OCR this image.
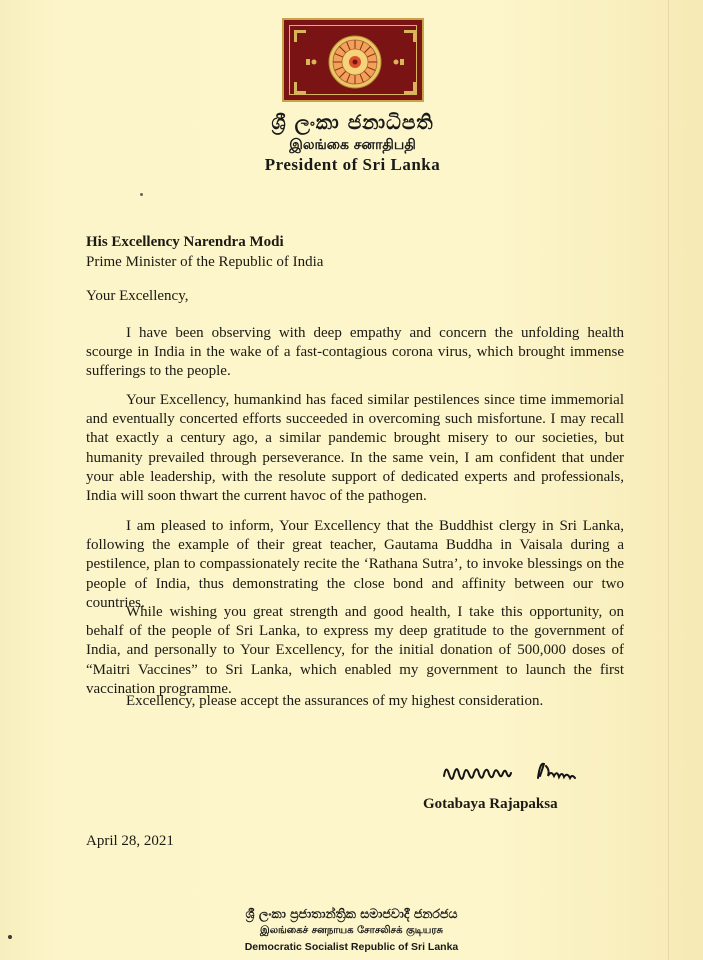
ශ්‍රී ලංකා ජනාධිපති
இலங்கை சனாதிபதி
President of Sri Lanka
His Excellency Narendra Modi
Prime Minister of the Republic of India
Your Excellency,
I have been observing with deep empathy and concern the unfolding health scourge in India in the wake of a fast-contagious corona virus, which brought immense sufferings to the people.
Your Excellency, humankind has faced similar pestilences since time immemorial and eventually concerted efforts succeeded in overcoming such misfortune. I may recall that exactly a century ago, a similar pandemic brought misery to our societies, but humanity prevailed through perseverance. In the same vein, I am confident that under your able leadership, with the resolute support of dedicated experts and professionals, India will soon thwart the current havoc of the pathogen.
I am pleased to inform, Your Excellency that the Buddhist clergy in Sri Lanka, following the example of their great teacher, Gautama Buddha in Vaisala during a pestilence, plan to compassionately recite the ‘Rathana Sutra’, to invoke blessings on the people of India, thus demonstrating the close bond and affinity between our two countries.
While wishing you great strength and good health, I take this opportunity, on behalf of the people of Sri Lanka, to express my deep gratitude to the government of India, and personally to Your Excellency, for the initial donation of 500,000 doses of “Maitri Vaccines” to Sri Lanka, which enabled my government to launch the first vaccination programme.
Excellency, please accept the assurances of my highest consideration.
Gotabaya Rajapaksa
April 28, 2021
ශ්‍රී ලංකා ප්‍රජාතාන්ත්‍රික සමාජවාදී ජනරජය
இலங்கைச் சனநாயக சோசலிசக் குடியரசு
Democratic Socialist Republic of Sri Lanka
